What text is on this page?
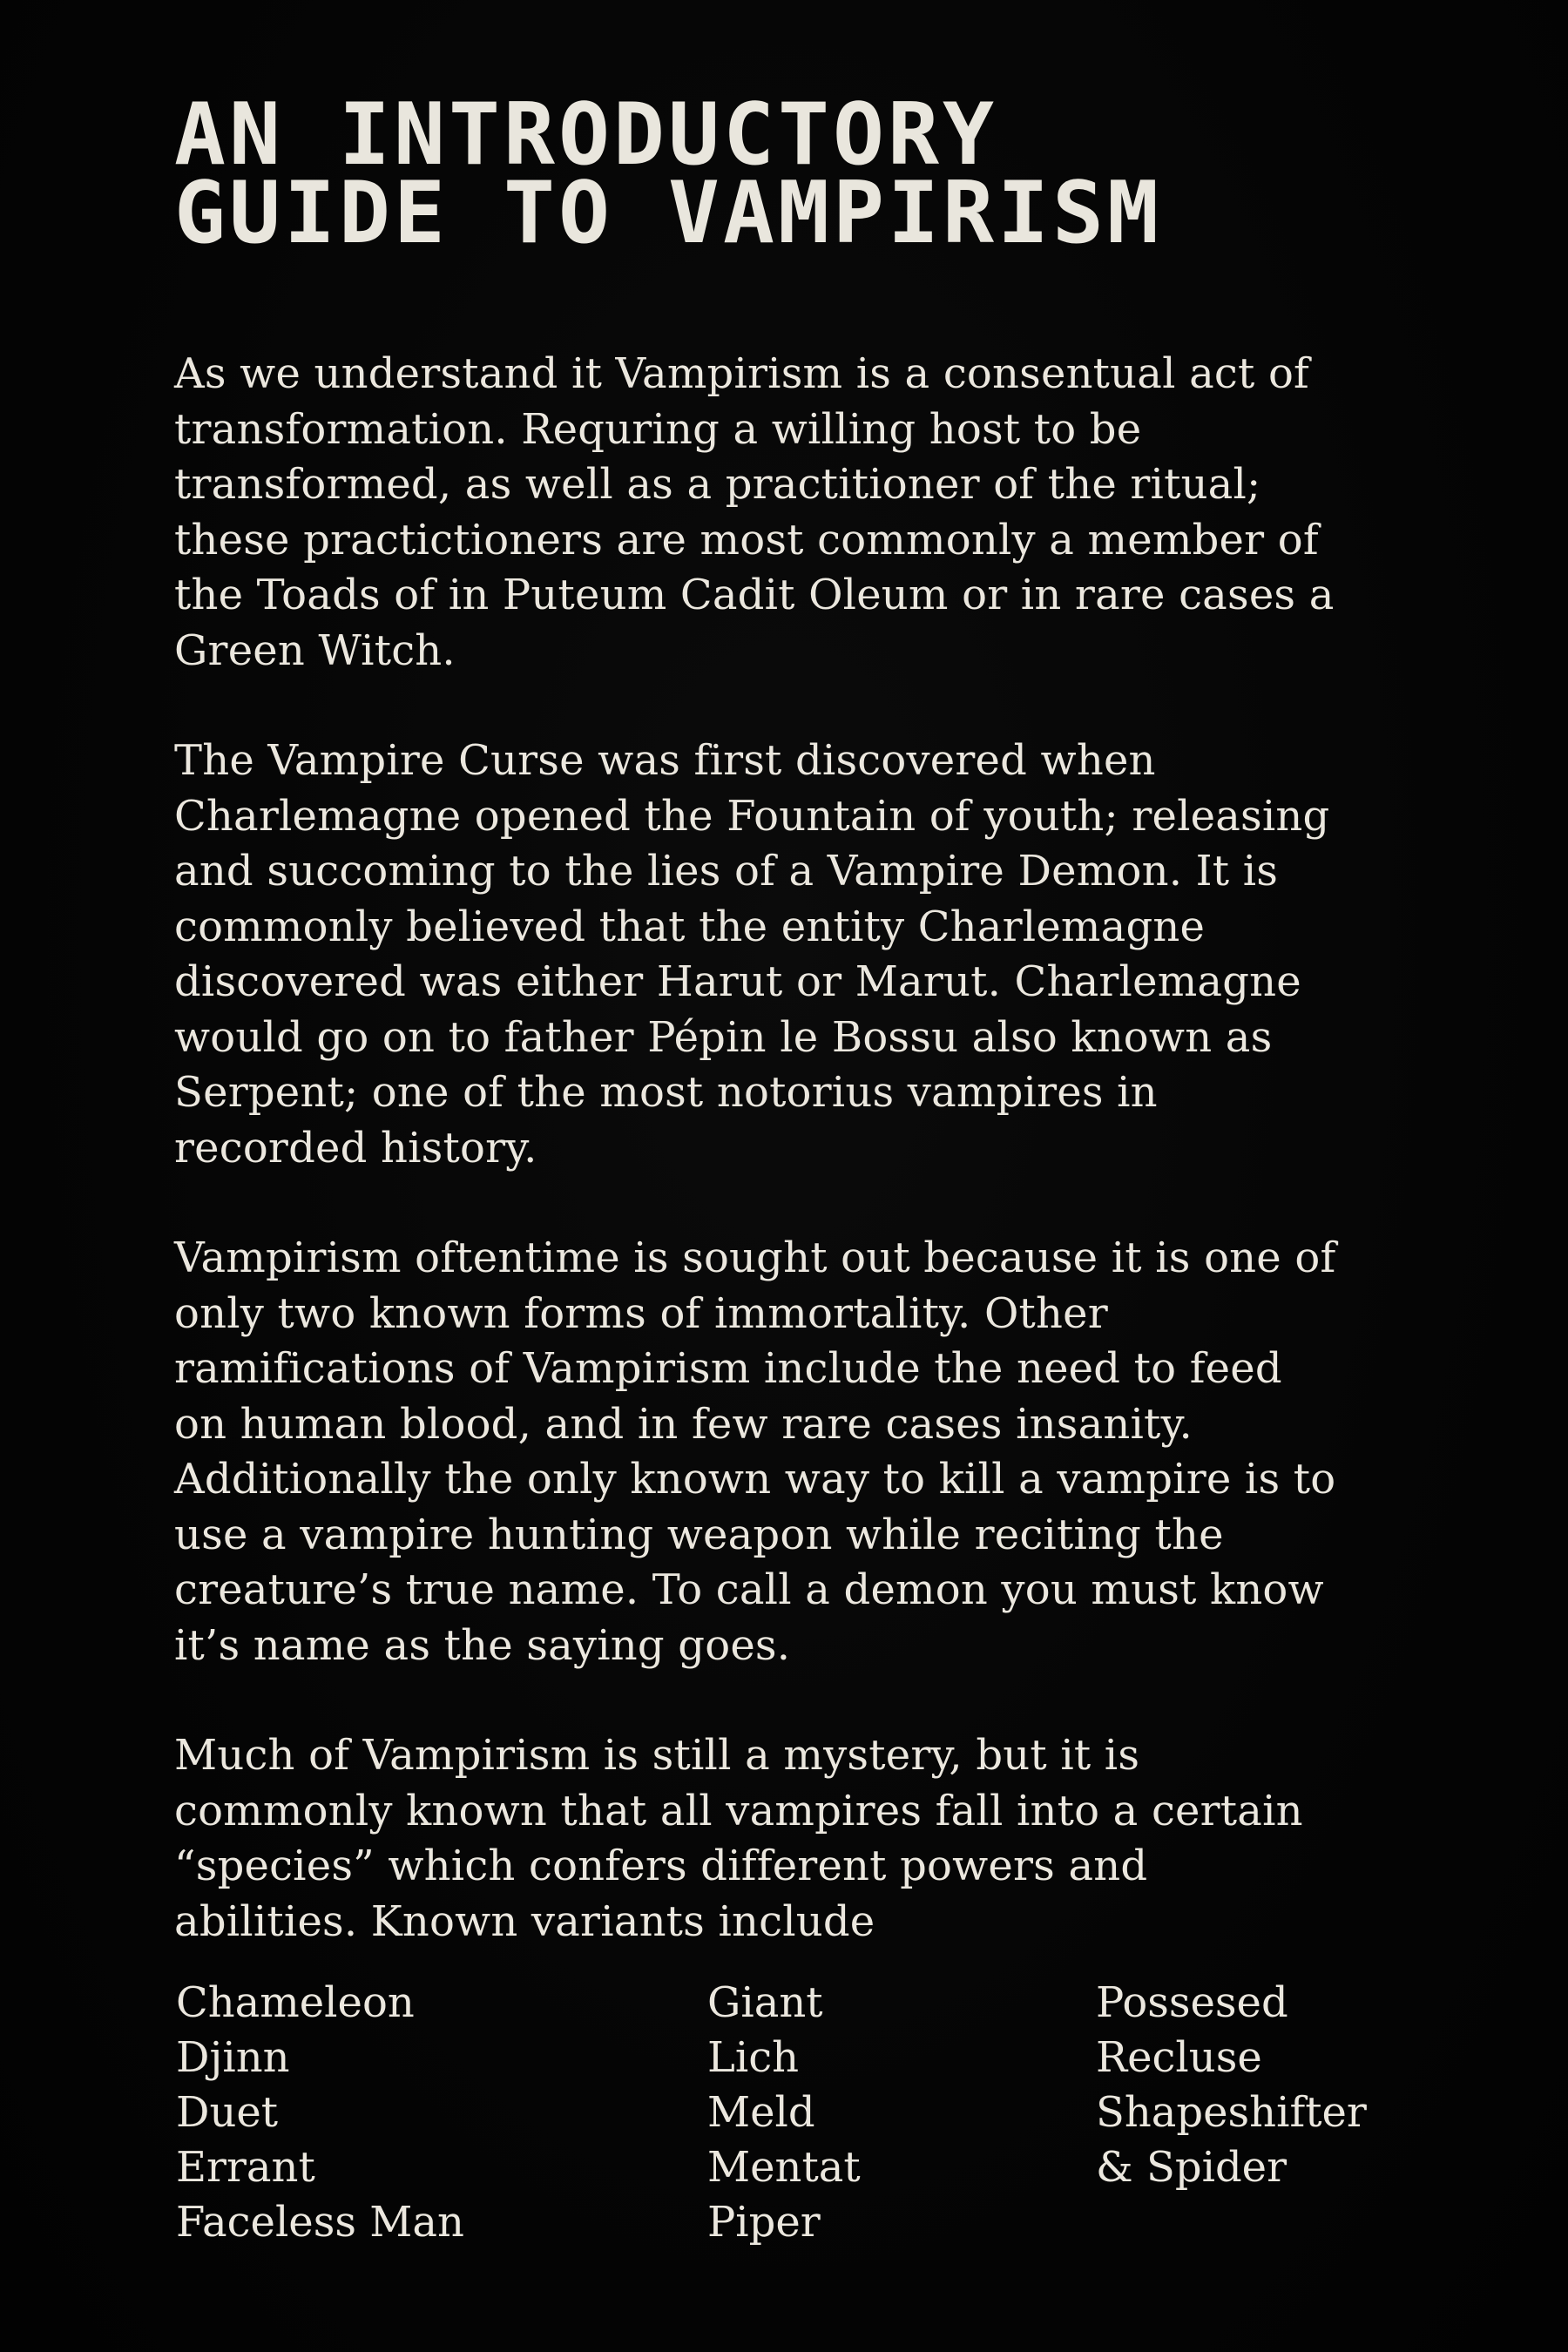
AN INTRODUCTORY
GUIDE TO VAMPIRISM

As we understand it Vampirism is a consentual act of
transformation. Requring a willing host to be
transformed, as well as a practitioner of the ritual;
these practictioners are most commonly a member of
the Toads of in Puteum Cadit Oleum or in rare cases a
Green Witch.

The Vampire Curse was first discovered when
Charlemagne opened the Fountain of youth; releasing
and succoming to the lies of a Vampire Demon. It is
commonly believed that the entity Charlemagne
discovered was either Harut or Marut. Charlemagne
would go on to father Pépin le Bossu also known as
Serpent; one of the most notorius vampires in
recorded history.

Vampirism oftentime is sought out because it is one of
only two known forms of immortality. Other
ramifications of Vampirism include the need to feed
on human blood, and in few rare cases insanity.
Additionally the only known way to kill a vampire is to
use a vampire hunting weapon while reciting the
creature’s true name. To call a demon you must know
it’s name as the saying goes.

Much of Vampirism is still a mystery, but it is
commonly known that all vampires fall into a certain
“species” which confers different powers and
abilities. Known variants include

Chameleon
Djinn
Duet
Errant
Faceless Man
Giant
Lich
Meld
Mentat
Piper
Possesed
Recluse
Shapeshifter
& Spider
